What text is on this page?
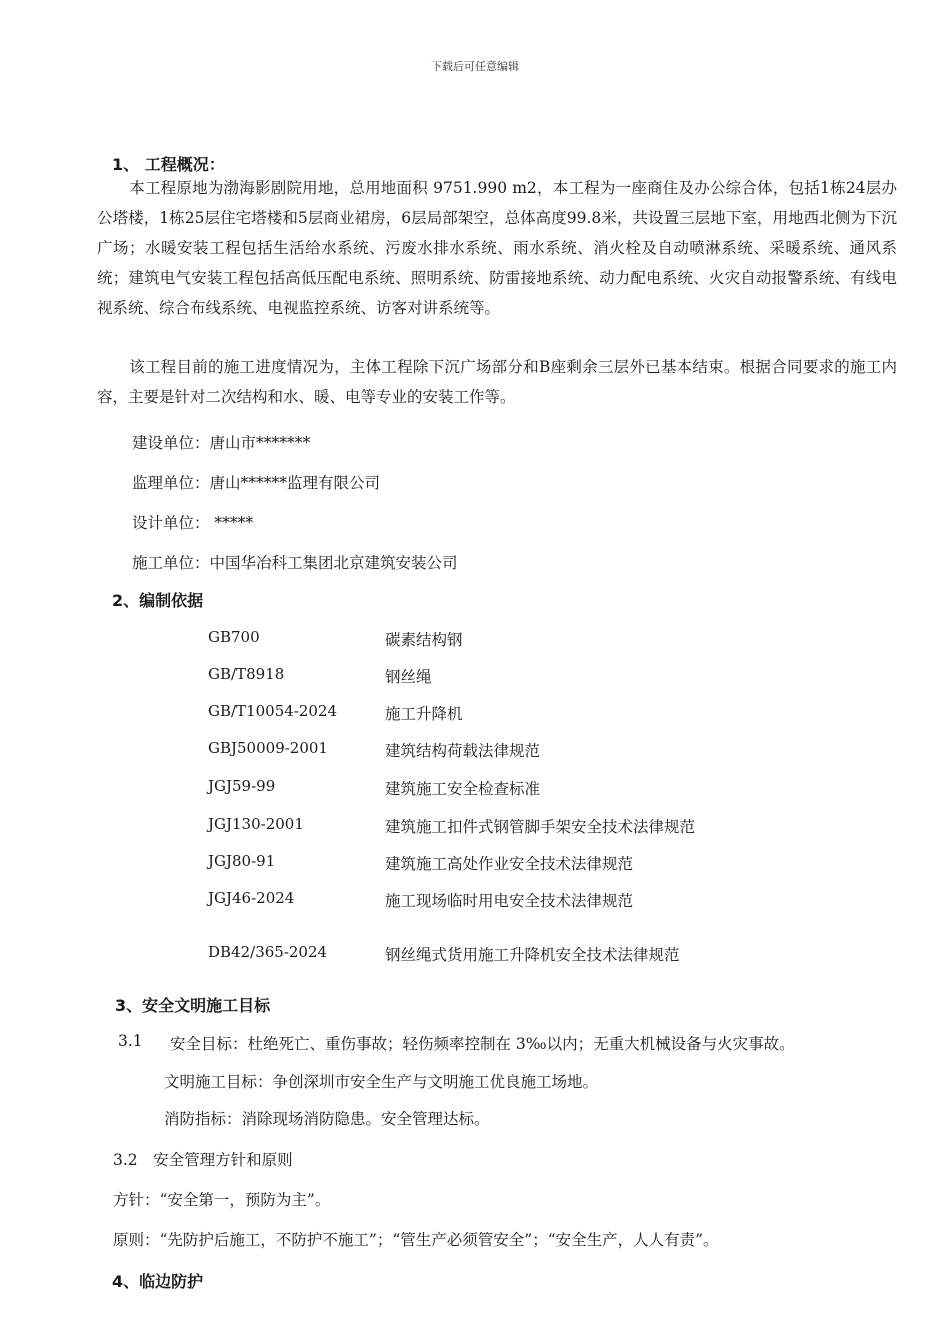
下载后可任意编辑
1、 工程概况：

本工程原地为渤海影剧院用地，总用地面积 9751.990 m2，本工程为一座商住及办公综合体，包括1栋24层办公塔楼，1栋25层住宅塔楼和5层商业裙房，6层局部架空，总体高度99.8米，共设置三层地下室，用地西北侧为下沉广场；水暖安装工程包括生活给水系统、污废水排水系统、雨水系统、消火栓及自动喷淋系统、采暖系统、通风系统；建筑电气安装工程包括高低压配电系统、照明系统、防雷接地系统、动力配电系统、火灾自动报警系统、有线电视系统、综合布线系统、电视监控系统、访客对讲系统等。

该工程目前的施工进度情况为，主体工程除下沉广场部分和B座剩余三层外已基本结束。根据合同要求的施工内容，主要是针对二次结构和水、暖、电等专业的安装工作等。

建设单位：唐山市*******
监理单位：唐山******监理有限公司
设计单位： *****
施工单位：中国华冶科工集团北京建筑安装公司
2、编制依据
GB700	碳素结构钢
GB/T8918	钢丝绳
GB/T10054-2024	施工升降机
GBJ50009-2001	建筑结构荷载法律规范
JGJ59-99	建筑施工安全检查标准
JGJ130-2001	建筑施工扣件式钢管脚手架安全技术法律规范
JGJ80-91	建筑施工高处作业安全技术法律规范
JGJ46-2024	施工现场临时用电安全技术法律规范
DB42/365-2024	钢丝绳式货用施工升降机安全技术法律规范
3、安全文明施工目标
3.1 安全目标：杜绝死亡、重伤事故；轻伤频率控制在 3‰以内；无重大机械设备与火灾事故。
文明施工目标：争创深圳市安全生产与文明施工优良施工场地。
消防指标：消除现场消防隐患。安全管理达标。
3.2　安全管理方针和原则
方针：“安全第一，预防为主”。
原则：“先防护后施工，不防护不施工”；“管生产必须管安全”；“安全生产，人人有责”。
4、临边防护
